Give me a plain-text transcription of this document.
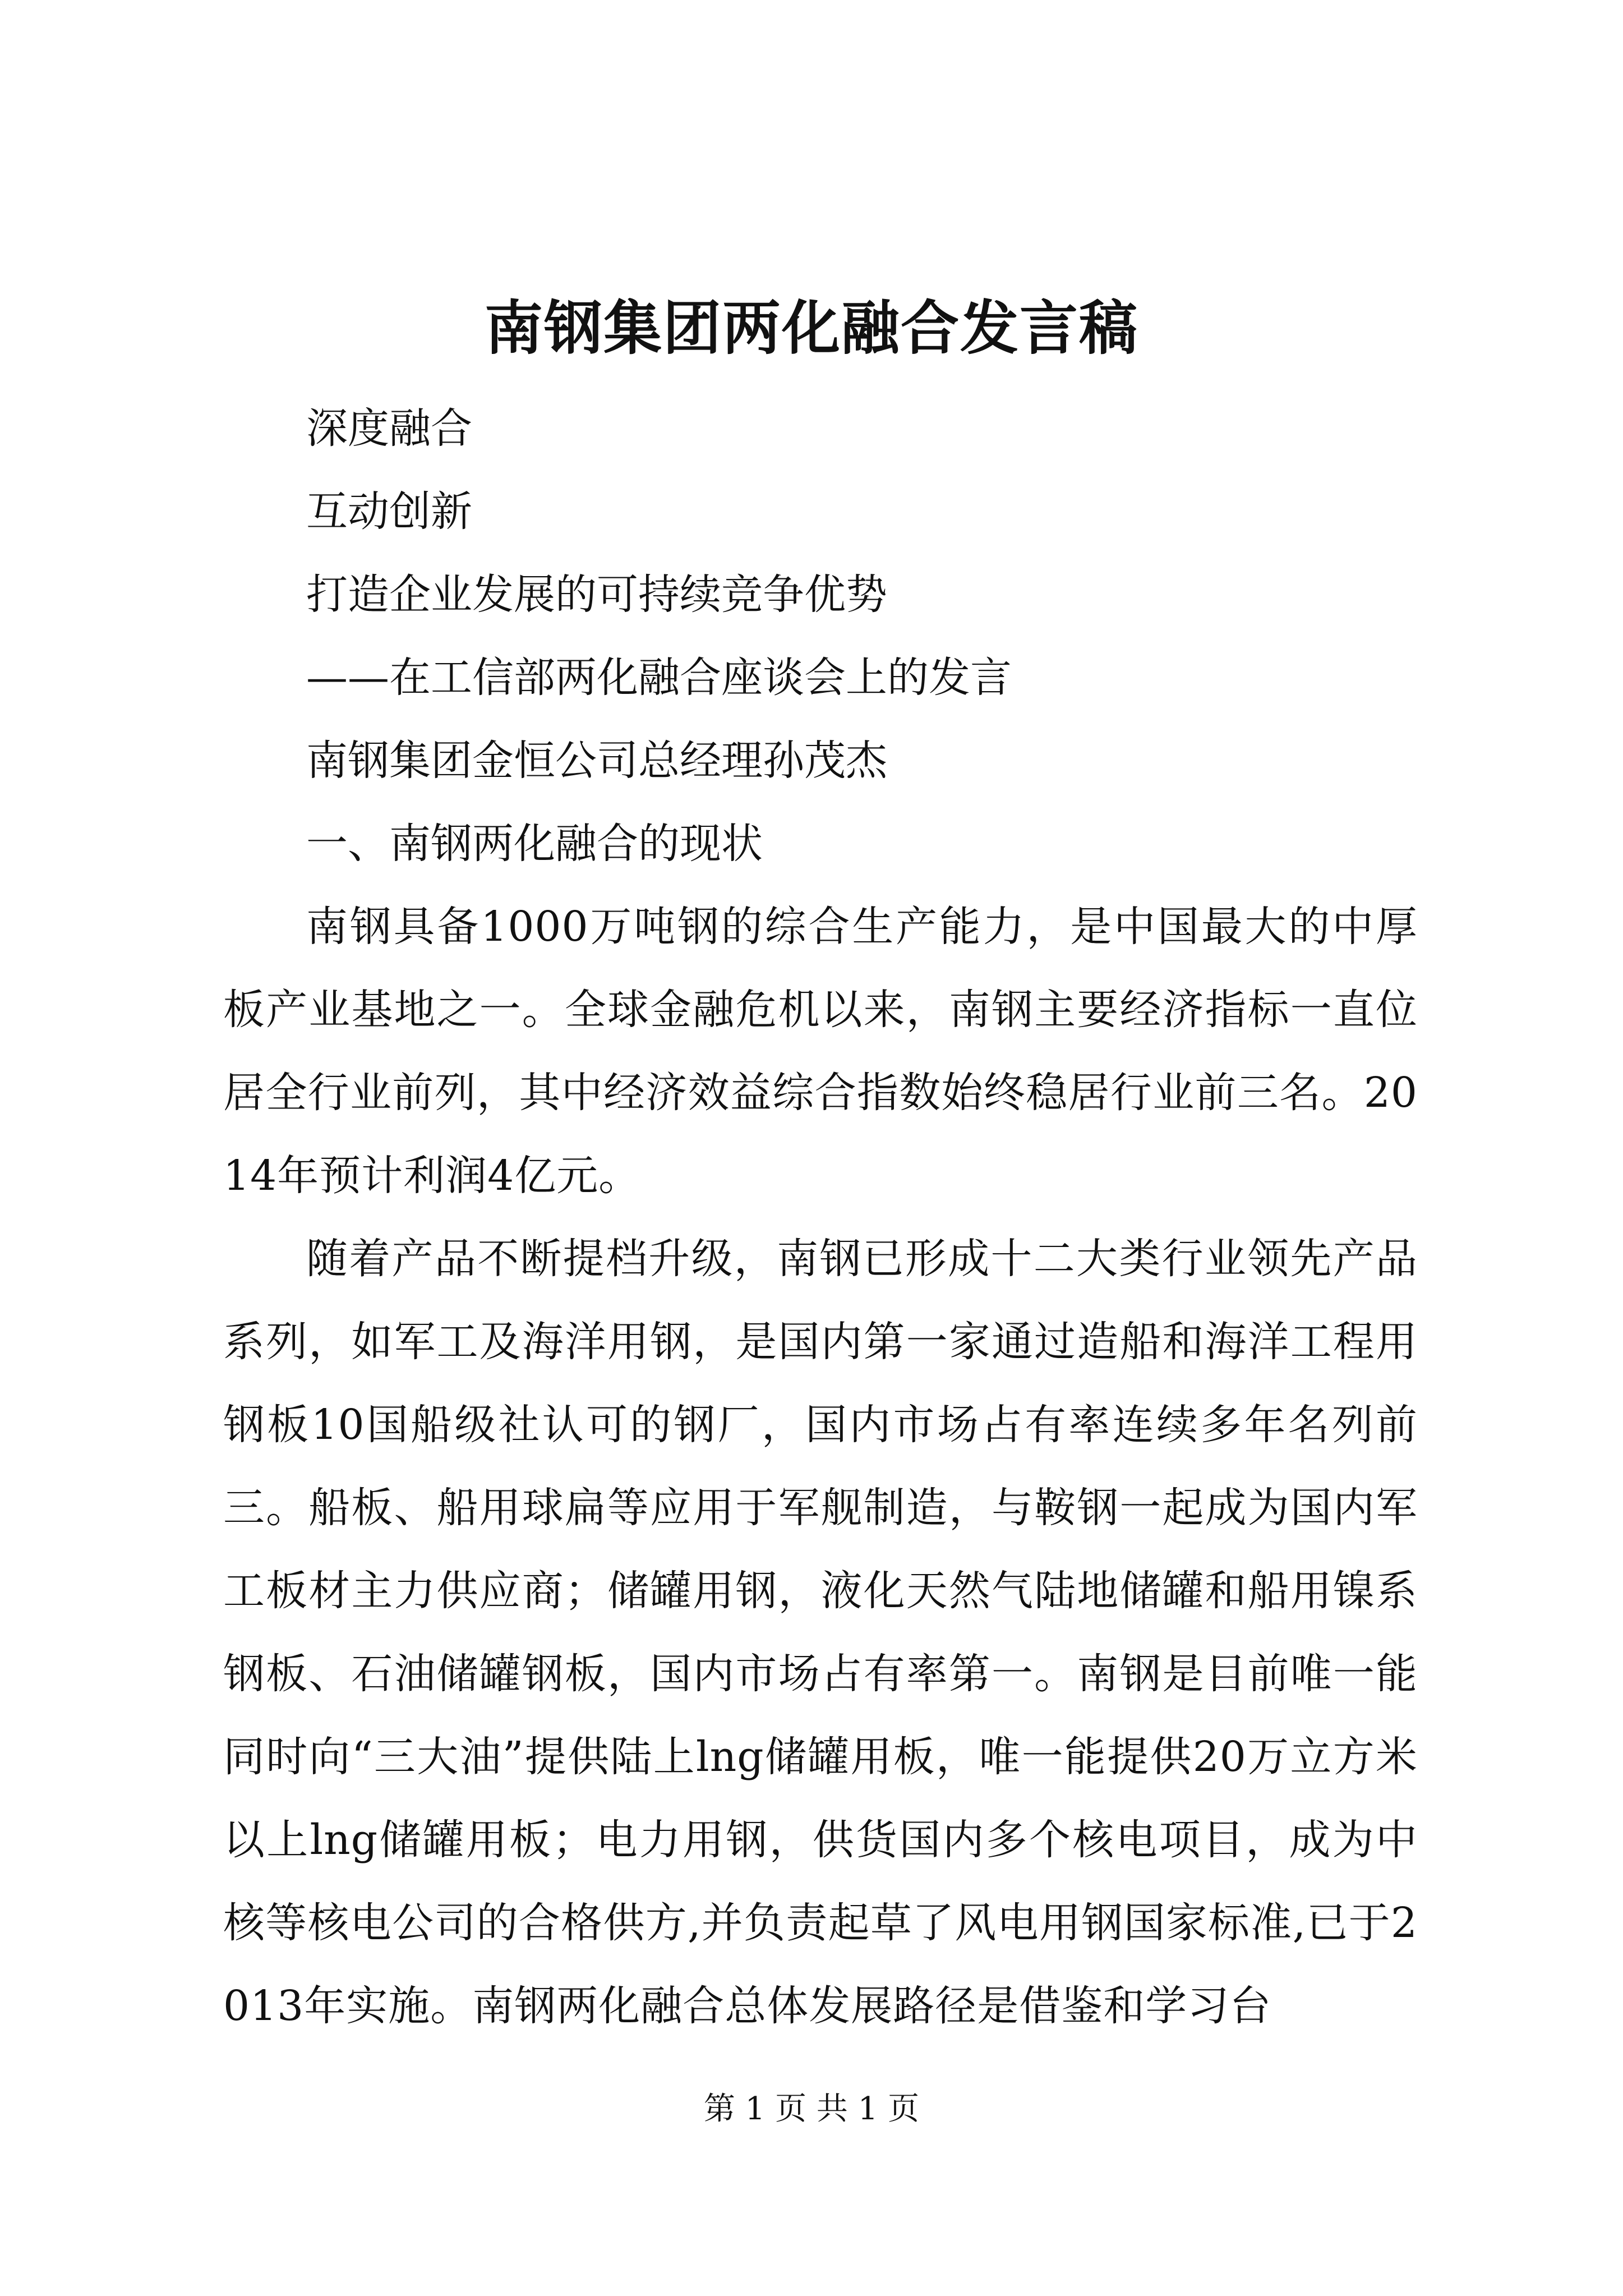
南钢集团两化融合发言稿
深度融合
互动创新
打造企业发展的可持续竞争优势
——在工信部两化融合座谈会上的发言
南钢集团金恒公司总经理孙茂杰
一、南钢两化融合的现状

南钢具备1000万吨钢的综合生产能力，是中国最大的中厚板产业基地之一。全球金融危机以来，南钢主要经济指标一直位居全行业前列，其中经济效益综合指数始终稳居行业前三名。2014年预计利润4亿元。

随着产品不断提档升级，南钢已形成十二大类行业领先产品系列，如军工及海洋用钢，是国内第一家通过造船和海洋工程用钢板10国船级社认可的钢厂，国内市场占有率连续多年名列前三。船板、船用球扁等应用于军舰制造，与鞍钢一起成为国内军工板材主力供应商；储罐用钢，液化天然气陆地储罐和船用镍系钢板、石油储罐钢板，国内市场占有率第一。南钢是目前唯一能同时向“三大油”提供陆上lng储罐用板，唯一能提供20万立方米以上lng储罐用板；电力用钢，供货国内多个核电项目，成为中核等核电公司的合格供方,并负责起草了风电用钢国家标准,已于2013年实施。南钢两化融合总体发展路径是借鉴和学习台

第 1 页 共 1 页
